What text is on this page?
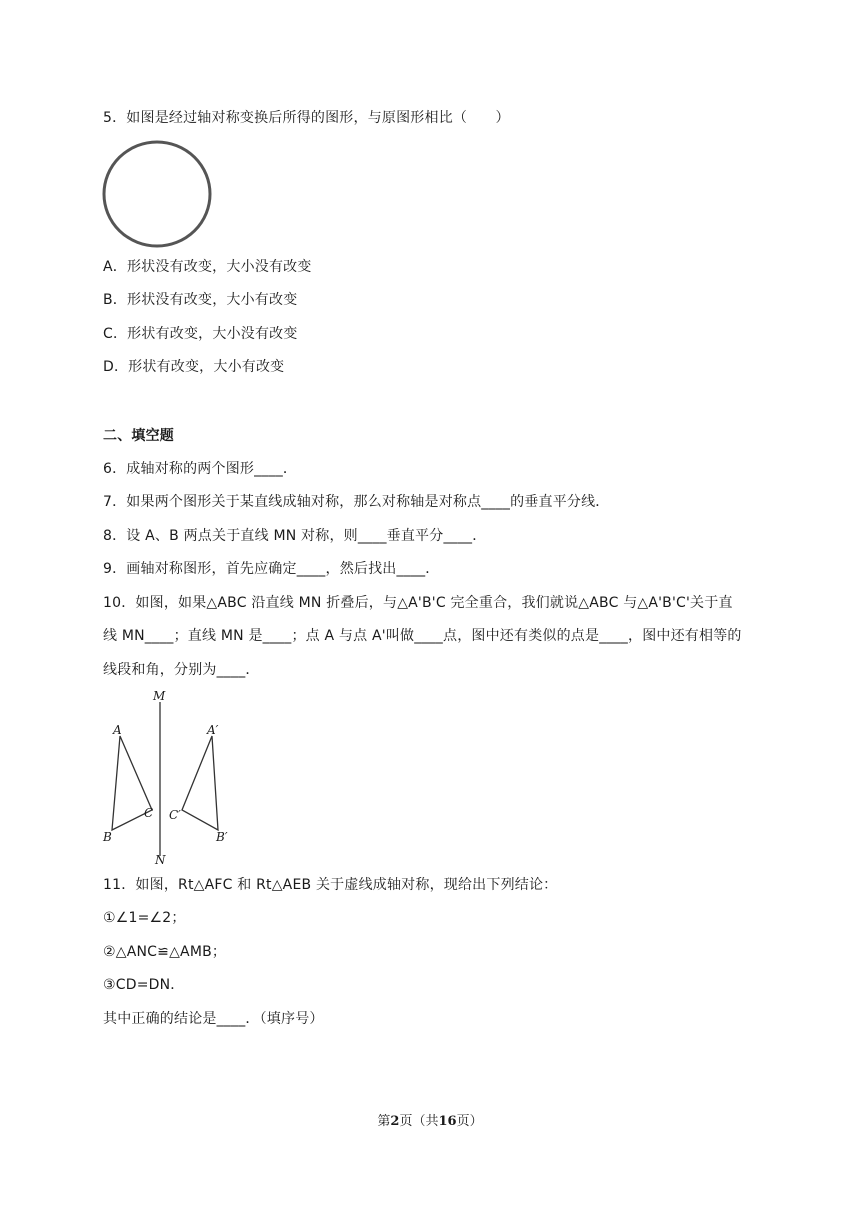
5．如图是经过轴对称变换后所得的图形，与原图形相比（　　）
A．形状没有改变，大小没有改变
B．形状没有改变，大小有改变
C．形状有改变，大小没有改变
D．形状有改变，大小有改变
二、填空题
6．成轴对称的两个图形____．
7．如果两个图形关于某直线成轴对称，那么对称轴是对称点____的垂直平分线．
8．设 A、B 两点关于直线 MN 对称，则____垂直平分____．
9．画轴对称图形，首先应确定____，然后找出____．
10．如图，如果△ABC 沿直线 MN 折叠后，与△A'B'C 完全重合，我们就说△ABC 与△A'B'C'关于直
线 MN____；直线 MN 是____；点 A 与点 A'叫做____点，图中还有类似的点是____，图中还有相等的
线段和角，分别为____．
M
N
A
B
C
A′
B′
C′
11．如图，Rt△AFC 和 Rt△AEB 关于虚线成轴对称，现给出下列结论：
①∠1=∠2；
②△ANC≌△AMB；
③CD=DN．
其中正确的结论是____．（填序号）
第2页（共16页）
